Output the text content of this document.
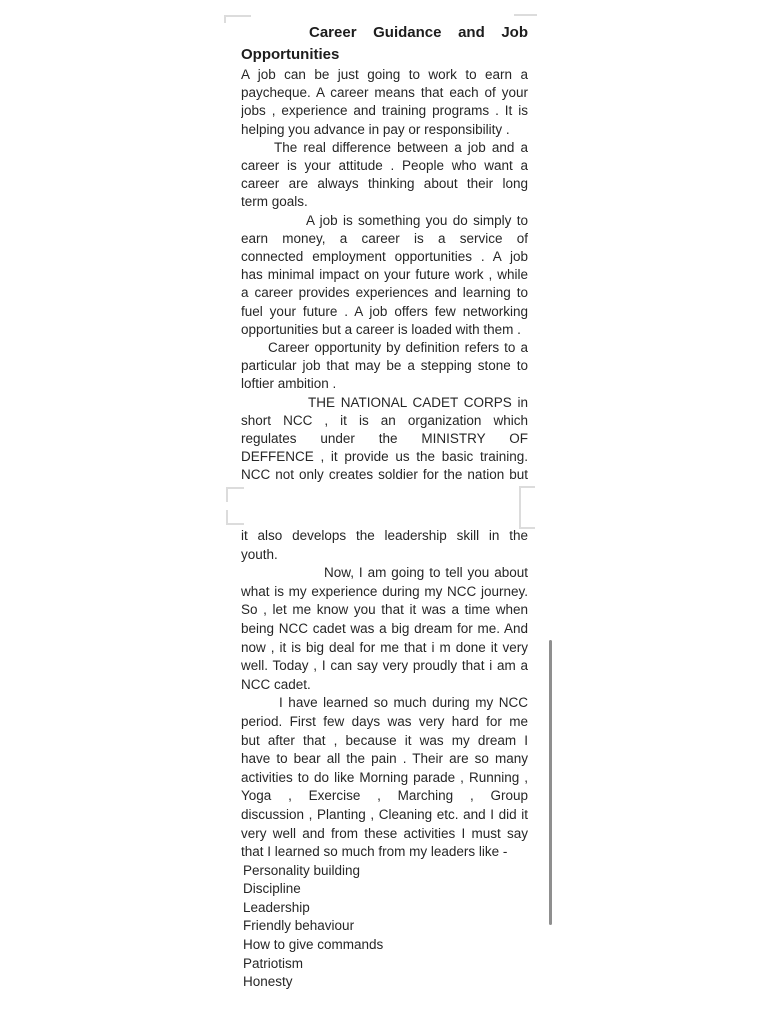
Career Guidance and Job
Opportunities
A job can be just going to work to earn a
paycheque. A career means that each of your
jobs , experience and training programs . It is
helping you advance in pay or responsibility .
The real difference between a job and a
career is your attitude . People who want a
career are always thinking about their long
term goals.
A job is something you do simply to
earn money, a career is a service of
connected employment opportunities . A job
has minimal impact on your future work , while
a career provides experiences and learning to
fuel your future . A job offers few networking
opportunities but a career is loaded with them .
Career opportunity by definition refers to a
particular job that may be a stepping stone to
loftier ambition .
THE NATIONAL CADET CORPS in
short NCC , it is an organization which
regulates under the MINISTRY OF
DEFFENCE , it provide us the basic training.
NCC not only creates soldier for the nation but
it also develops the leadership skill in the
youth.
Now, I am going to tell you about
what is my experience during my NCC journey.
So , let me know you that it was a time when
being NCC cadet was a big dream for me. And
now , it is big deal for me that i m done it very
well. Today , I can say very proudly that i am a
NCC cadet.
I have learned so much during my NCC
period. First few days was very hard for me
but after that , because it was my dream I
have to bear all the pain . Their are so many
activities to do like Morning parade , Running ,
Yoga , Exercise , Marching , Group
discussion , Planting , Cleaning etc. and I did it
very well and from these activities I must say
that I learned so much from my leaders like -
Personality building
Discipline
Leadership
Friendly behaviour
How to give commands
Patriotism
Honesty
